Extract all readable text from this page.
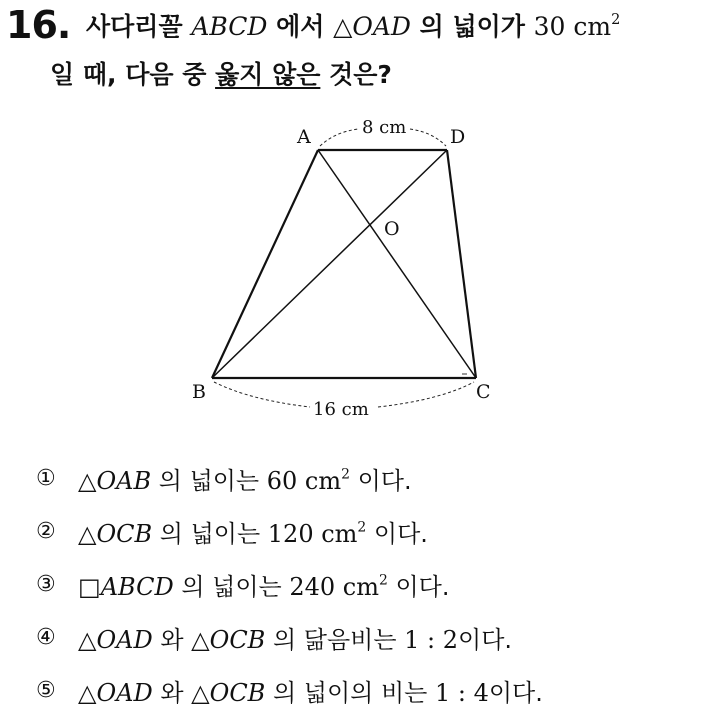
16. 사다리꼴 ABCD 에서 △OAD 의 넓이가 30 $cm^2$
일 때, 다음 중 옳지 않은 것은?
A	D
O
B	C
8 cm
16 cm
① △OAB 의 넓이는 60 $cm^2$ 이다.
② △OCB 의 넓이는 120 $cm^2$ 이다.
③ □ABCD 의 넓이는 240 $cm^2$ 이다.
④ △OAD 와 △OCB 의 닮음비는 1 : 2이다.
⑤ △OAD 와 △OCB 의 넓이의 비는 1 : 4이다.
